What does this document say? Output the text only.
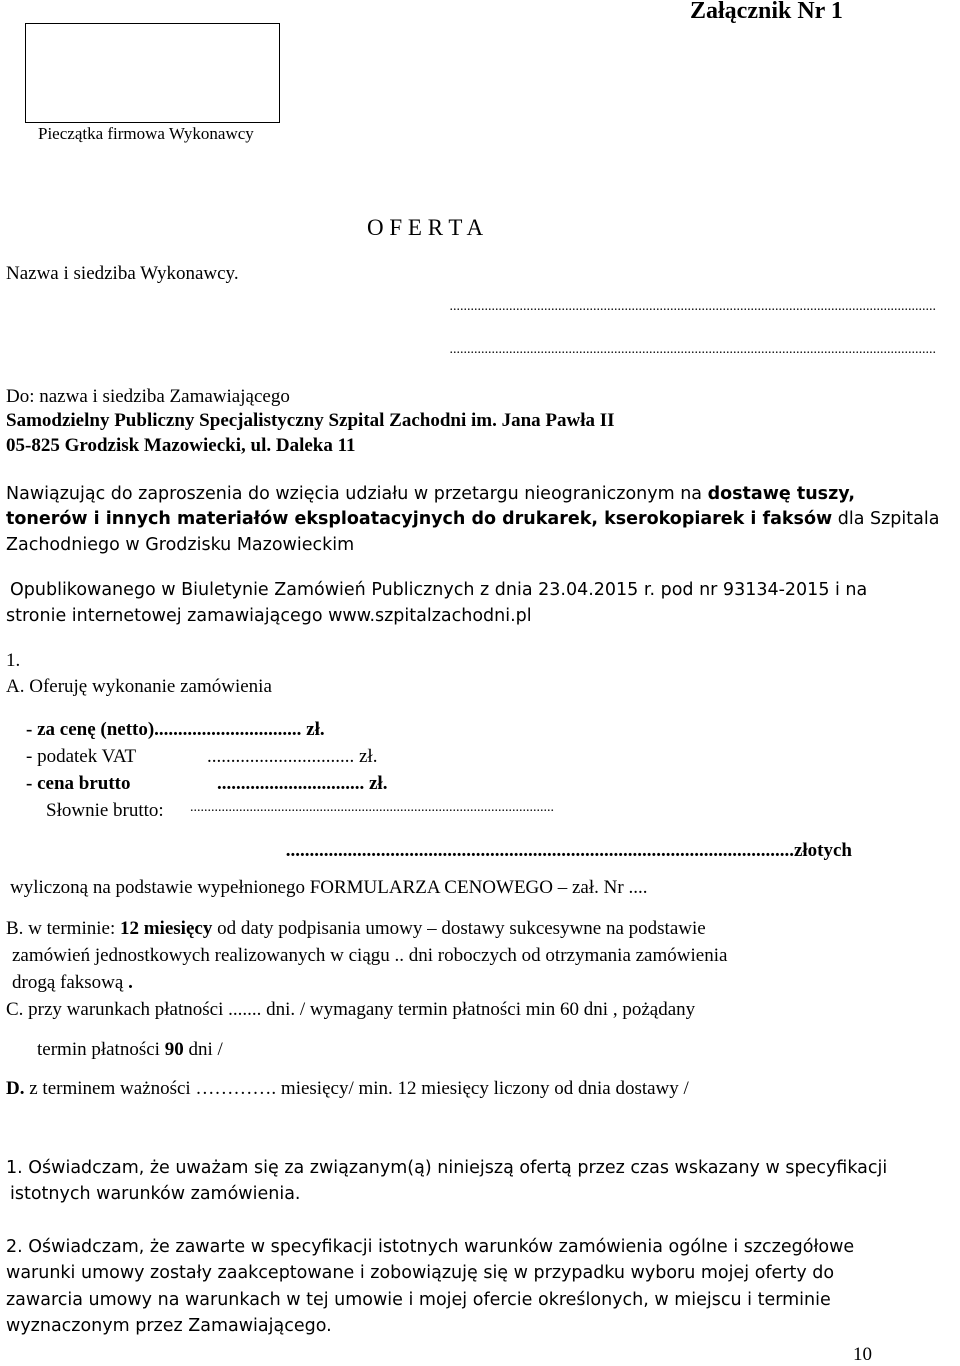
Załącznik Nr 1
Pieczątka firmowa Wykonawcy
O F E R T A
Nazwa i siedziba Wykonawcy.
...........................................................................................................................................
...........................................................................................................................................
Do: nazwa i siedziba Zamawiającego
Samodzielny Publiczny Specjalistyczny Szpital Zachodni im. Jana Pawła II
05-825 Grodzisk Mazowiecki, ul. Daleka 11
Nawiązując do zaproszenia do wzięcia udziału w przetargu nieograniczonym na dostawę tuszy,
tonerów i innych materiałów eksploatacyjnych do drukarek, kserokopiarek i faksów dla Szpitala
Zachodniego w Grodzisku Mazowieckim
Opublikowanego w Biuletynie Zamówień Publicznych z dnia 23.04.2015 r. pod nr 93134-2015 i na
stronie internetowej zamawiającego www.szpitalzachodni.pl
1.
A. Oferuję wykonanie zamówienia
- za cenę (netto)............................... zł.
- podatek VAT	............................... zł.
- cena brutto	............................... zł.
Słownie brutto: ........................................................................................................
...........................................................................................................złotych
wyliczoną na podstawie wypełnionego FORMULARZA CENOWEGO – zał. Nr ....
B. w terminie: 12 miesięcy od daty podpisania umowy – dostawy sukcesywne na podstawie
zamówień jednostkowych realizowanych w ciągu .. dni roboczych od otrzymania zamówienia
drogą faksową .
C. przy warunkach płatności ....... dni. / wymagany termin płatności min 60 dni , pożądany
termin płatności 90 dni /
D. z terminem ważności …………. miesięcy/ min. 12 miesięcy liczony od dnia dostawy /
1. Oświadczam, że uważam się za związanym(ą) niniejszą ofertą przez czas wskazany w specyfikacji
istotnych warunków zamówienia.
2. Oświadczam, że zawarte w specyfikacji istotnych warunków zamówienia ogólne i szczegółowe
warunki umowy zostały zaakceptowane i zobowiązuję się w przypadku wyboru mojej oferty do
zawarcia umowy na warunkach w tej umowie i mojej ofercie określonych, w miejscu i terminie
wyznaczonym przez Zamawiającego.
10
